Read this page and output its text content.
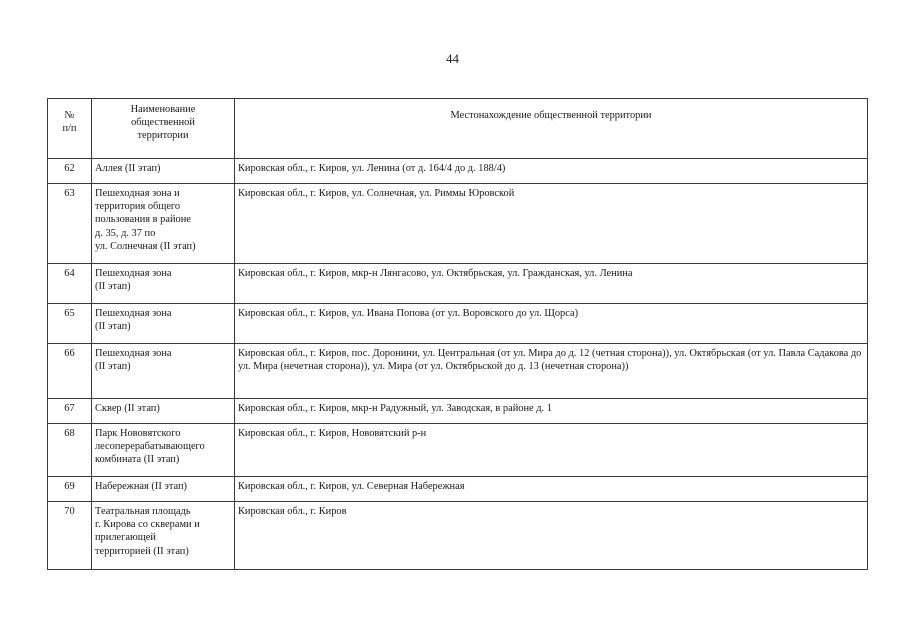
44
№
п/п	Наименование
общественной
территории	Местонахождение общественной территории
62	Аллея (II этап)	Кировская обл., г. Киров, ул. Ленина (от д. 164/4 до д. 188/4)
63	Пешеходная зона и
территория общего
пользования в районе
д. 35, д. 37 по
ул. Солнечная (II этап)	Кировская обл., г. Киров, ул. Солнечная, ул. Риммы Юровской
64	Пешеходная зона
(II этап)	Кировская обл., г. Киров, мкр-н Лянгасово, ул. Октябрьская, ул. Гражданская, ул. Ленина
65	Пешеходная зона
(II этап)	Кировская обл., г. Киров, ул. Ивана Попова (от ул. Воровского до ул. Щорса)
66	Пешеходная зона
(II этап)	Кировская обл., г. Киров, пос. Доронини, ул. Центральная (от ул. Мира до д. 12 (четная сторона)), ул. Октябрьская (от ул. Павла Садакова до ул. Мира (нечетная сторона)), ул. Мира (от ул. Октябрьской до д. 13 (нечетная сторона))
67	Сквер (II этап)	Кировская обл., г. Киров, мкр-н Радужный, ул. Заводская, в районе д. 1
68	Парк Нововятского
лесоперерабатывающего
комбината (II этап)	Кировская обл., г. Киров, Нововятский р-н
69	Набережная (II этап)	Кировская обл., г. Киров, ул. Северная Набережная
70	Театральная площадь
г. Кирова со скверами и
прилегающей
территорией (II этап)	Кировская обл., г. Киров
